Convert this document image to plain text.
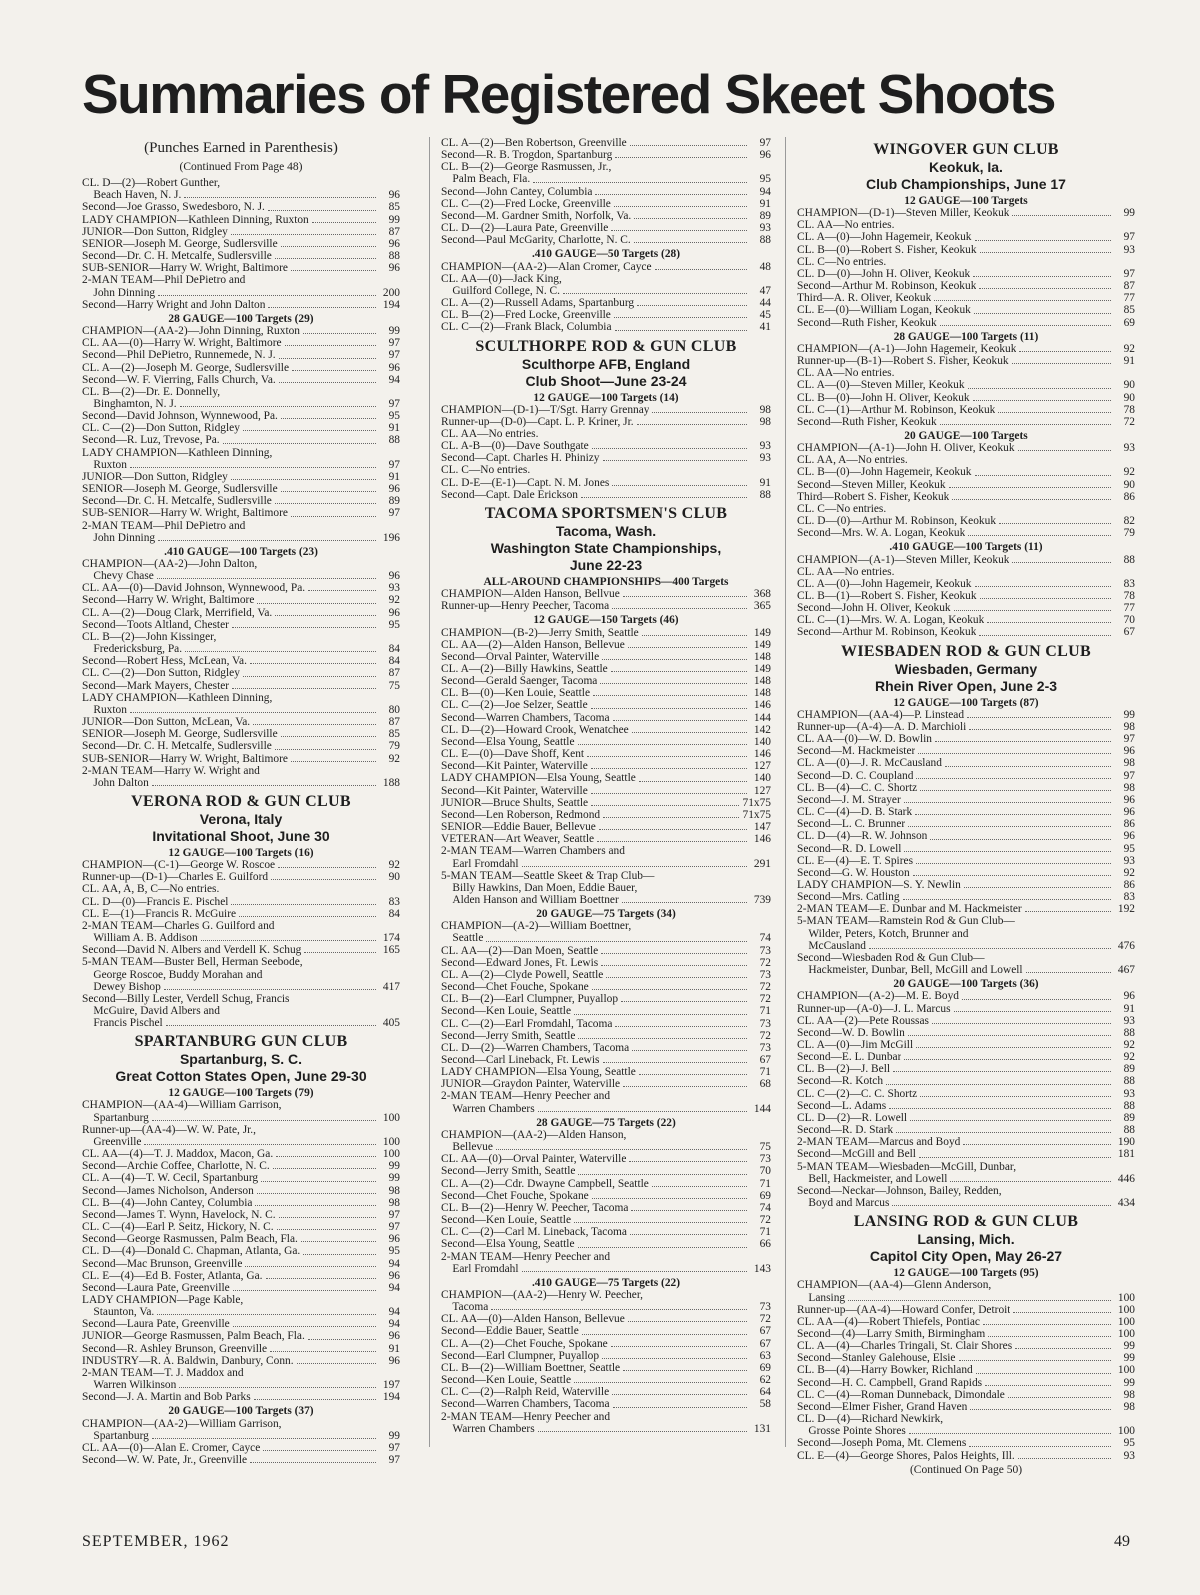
Summaries of Registered Skeet Shoots
(Punches Earned in Parenthesis)
(Continued From Page 48)
CL. D—(2)—Robert Gunther,
Beach Haven, N. J.	96
Second—Joe Grasso, Swedesboro, N. J.	85
LADY CHAMPION—Kathleen Dinning, Ruxton	99
JUNIOR—Don Sutton, Ridgley	87
SENIOR—Joseph M. George, Sudlersville	96
Second—Dr. C. H. Metcalfe, Sudlersville	88
SUB-SENIOR—Harry W. Wright, Baltimore	96
2-MAN TEAM—Phil DePietro and
John Dinning	200
Second—Harry Wright and John Dalton	194
28 GAUGE—100 Targets (29)
CHAMPION—(AA-2)—John Dinning, Ruxton	99
CL. AA—(0)—Harry W. Wright, Baltimore	97
Second—Phil DePietro, Runnemede, N. J.	97
CL. A—(2)—Joseph M. George, Sudlersville	96
Second—W. F. Vierring, Falls Church, Va.	94
CL. B—(2)—Dr. E. Donnelly,
Binghamton, N. J.	97
Second—David Johnson, Wynnewood, Pa.	95
CL. C—(2)—Don Sutton, Ridgley	91
Second—R. Luz, Trevose, Pa.	88
LADY CHAMPION—Kathleen Dinning,
Ruxton	97
JUNIOR—Don Sutton, Ridgley	91
SENIOR—Joseph M. George, Sudlersville	96
Second—Dr. C. H. Metcalfe, Sudlersville	89
SUB-SENIOR—Harry W. Wright, Baltimore	97
2-MAN TEAM—Phil DePietro and
John Dinning	196
.410 GAUGE—100 Targets (23)
CHAMPION—(AA-2)—John Dalton,
Chevy Chase	96
CL. AA—(0)—David Johnson, Wynnewood, Pa.	93
Second—Harry W. Wright, Baltimore	92
CL. A—(2)—Doug Clark, Merrifield, Va.	96
Second—Toots Altland, Chester	95
CL. B—(2)—John Kissinger,
Fredericksburg, Pa.	84
Second—Robert Hess, McLean, Va.	84
CL. C—(2)—Don Sutton, Ridgley	87
Second—Mark Mayers, Chester	75
LADY CHAMPION—Kathleen Dinning,
Ruxton	80
JUNIOR—Don Sutton, McLean, Va.	87
SENIOR—Joseph M. George, Sudlersville	85
Second—Dr. C. H. Metcalfe, Sudlersville	79
SUB-SENIOR—Harry W. Wright, Baltimore	92
2-MAN TEAM—Harry W. Wright and
John Dalton	188
VERONA ROD & GUN CLUB
Verona, Italy
Invitational Shoot, June 30
12 GAUGE—100 Targets (16)
CHAMPION—(C-1)—George W. Roscoe	92
Runner-up—(D-1)—Charles E. Guilford	90
CL. AA, A, B, C—No entries.
CL. D—(0)—Francis E. Pischel	83
CL. E—(1)—Francis R. McGuire	84
2-MAN TEAM—Charles G. Guilford and
William A. B. Addison	174
Second—David N. Albers and Verdell K. Schug	165
5-MAN TEAM—Buster Bell, Herman Seebode,
George Roscoe, Buddy Morahan and
Dewey Bishop	417
Second—Billy Lester, Verdell Schug, Francis
McGuire, David Albers and
Francis Pischel	405
SPARTANBURG GUN CLUB
Spartanburg, S. C.
Great Cotton States Open, June 29-30
12 GAUGE—100 Targets (79)
CHAMPION—(AA-4)—William Garrison,
Spartanburg	100
Runner-up—(AA-4)—W. W. Pate, Jr.,
Greenville	100
CL. AA—(4)—T. J. Maddox, Macon, Ga.	100
Second—Archie Coffee, Charlotte, N. C.	99
CL. A—(4)—T. W. Cecil, Spartanburg	99
Second—James Nicholson, Anderson	98
CL. B—(4)—John Cantey, Columbia	98
Second—James T. Wynn, Havelock, N. C.	97
CL. C—(4)—Earl P. Seitz, Hickory, N. C.	97
Second—George Rasmussen, Palm Beach, Fla.	96
CL. D—(4)—Donald C. Chapman, Atlanta, Ga.	95
Second—Mac Brunson, Greenville	94
CL. E—(4)—Ed B. Foster, Atlanta, Ga.	96
Second—Laura Pate, Greenville	94
LADY CHAMPION—Page Kable,
Staunton, Va.	94
Second—Laura Pate, Greenville	94
JUNIOR—George Rasmussen, Palm Beach, Fla.	96
Second—R. Ashley Brunson, Greenville	91
INDUSTRY—R. A. Baldwin, Danbury, Conn.	96
2-MAN TEAM—T. J. Maddox and
Warren Wilkinson	197
Second—J. A. Martin and Bob Parks	194
20 GAUGE—100 Targets (37)
CHAMPION—(AA-2)—William Garrison,
Spartanburg	99
CL. AA—(0)—Alan E. Cromer, Cayce	97
Second—W. W. Pate, Jr., Greenville	97
CL. A—(2)—Ben Robertson, Greenville	97
Second—R. B. Trogdon, Spartanburg	96
CL. B—(2)—George Rasmussen, Jr.,
Palm Beach, Fla.	95
Second—John Cantey, Columbia	94
CL. C—(2)—Fred Locke, Greenville	91
Second—M. Gardner Smith, Norfolk, Va.	89
CL. D—(2)—Laura Pate, Greenville	93
Second—Paul McGarity, Charlotte, N. C.	88
.410 GAUGE—50 Targets (28)
CHAMPION—(AA-2)—Alan Cromer, Cayce	48
CL. AA—(0)—Jack King,
Guilford College, N. C.	47
CL. A—(2)—Russell Adams, Spartanburg	44
CL. B—(2)—Fred Locke, Greenville	45
CL. C—(2)—Frank Black, Columbia	41
SCULTHORPE ROD & GUN CLUB
Sculthorpe AFB, England
Club Shoot—June 23-24
12 GAUGE—100 Targets (14)
CHAMPION—(D-1)—T/Sgt. Harry Grennay	98
Runner-up—(D-0)—Capt. L. P. Kriner, Jr.	98
CL. AA—No entries.
CL. A-B—(0)—Dave Southgate	93
Second—Capt. Charles H. Phinizy	93
CL. C—No entries.
CL. D-E—(E-1)—Capt. N. M. Jones	91
Second—Capt. Dale Erickson	88
TACOMA SPORTSMEN'S CLUB
Tacoma, Wash.
Washington State Championships,
June 22-23
ALL-AROUND CHAMPIONSHIPS—400 Targets
CHAMPION—Alden Hanson, Bellvue	368
Runner-up—Henry Peecher, Tacoma	365
12 GAUGE—150 Targets (46)
CHAMPION—(B-2)—Jerry Smith, Seattle	149
CL. AA—(2)—Alden Hanson, Bellevue	149
Second—Orval Painter, Waterville	148
CL. A—(2)—Billy Hawkins, Seattle	149
Second—Gerald Saenger, Tacoma	148
CL. B—(0)—Ken Louie, Seattle	148
CL. C—(2)—Joe Selzer, Seattle	146
Second—Warren Chambers, Tacoma	144
CL. D—(2)—Howard Crook, Wenatchee	142
Second—Elsa Young, Seattle	140
CL. E—(0)—Dave Shoff, Kent	146
Second—Kit Painter, Waterville	127
LADY CHAMPION—Elsa Young, Seattle	140
Second—Kit Painter, Waterville	127
JUNIOR—Bruce Shults, Seattle	71x75
Second—Len Roberson, Redmond	71x75
SENIOR—Eddie Bauer, Bellevue	147
VETERAN—Art Weaver, Seattle	146
2-MAN TEAM—Warren Chambers and
Earl Fromdahl	291
5-MAN TEAM—Seattle Skeet & Trap Club—
Billy Hawkins, Dan Moen, Eddie Bauer,
Alden Hanson and William Boettner	739
20 GAUGE—75 Targets (34)
CHAMPION—(A-2)—William Boettner,
Seattle	74
CL. AA—(2)—Dan Moen, Seattle	73
Second—Edward Jones, Ft. Lewis	72
CL. A—(2)—Clyde Powell, Seattle	73
Second—Chet Fouche, Spokane	72
CL. B—(2)—Earl Clumpner, Puyallop	72
Second—Ken Louie, Seattle	71
CL. C—(2)—Earl Fromdahl, Tacoma	73
Second—Jerry Smith, Seattle	72
CL. D—(2)—Warren Chambers, Tacoma	73
Second—Carl Lineback, Ft. Lewis	67
LADY CHAMPION—Elsa Young, Seattle	71
JUNIOR—Graydon Painter, Waterville	68
2-MAN TEAM—Henry Peecher and
Warren Chambers	144
28 GAUGE—75 Targets (22)
CHAMPION—(AA-2)—Alden Hanson,
Bellevue	75
CL. AA—(0)—Orval Painter, Waterville	73
Second—Jerry Smith, Seattle	70
CL. A—(2)—Cdr. Dwayne Campbell, Seattle	71
Second—Chet Fouche, Spokane	69
CL. B—(2)—Henry W. Peecher, Tacoma	74
Second—Ken Louie, Seattle	72
CL. C—(2)—Carl M. Lineback, Tacoma	71
Second—Elsa Young, Seattle	66
2-MAN TEAM—Henry Peecher and
Earl Fromdahl	143
.410 GAUGE—75 Targets (22)
CHAMPION—(AA-2)—Henry W. Peecher,
Tacoma	73
CL. AA—(0)—Alden Hanson, Bellevue	72
Second—Eddie Bauer, Seattle	67
CL. A—(2)—Chet Fouche, Spokane	67
Second—Earl Clumpner, Puyallop	63
CL. B—(2)—William Boettner, Seattle	69
Second—Ken Louie, Seattle	62
CL. C—(2)—Ralph Reid, Waterville	64
Second—Warren Chambers, Tacoma	58
2-MAN TEAM—Henry Peecher and
Warren Chambers	131
WINGOVER GUN CLUB
Keokuk, Ia.
Club Championships, June 17
12 GAUGE—100 Targets
CHAMPION—(D-1)—Steven Miller, Keokuk	99
CL. AA—No entries.
CL. A—(0)—John Hagemeir, Keokuk	97
CL. B—(0)—Robert S. Fisher, Keokuk	93
CL. C—No entries.
CL. D—(0)—John H. Oliver, Keokuk	97
Second—Arthur M. Robinson, Keokuk	87
Third—A. R. Oliver, Keokuk	77
CL. E—(0)—William Logan, Keokuk	85
Second—Ruth Fisher, Keokuk	69
28 GAUGE—100 Targets (11)
CHAMPION—(A-1)—John Hagemeir, Keokuk	92
Runner-up—(B-1)—Robert S. Fisher, Keokuk	91
CL. AA—No entries.
CL. A—(0)—Steven Miller, Keokuk	90
CL. B—(0)—John H. Oliver, Keokuk	90
CL. C—(1)—Arthur M. Robinson, Keokuk	78
Second—Ruth Fisher, Keokuk	72
20 GAUGE—100 Targets
CHAMPION—(A-1)—John H. Oliver, Keokuk	93
CL. AA, A—No entries.
CL. B—(0)—John Hagemeir, Keokuk	92
Second—Steven Miller, Keokuk	90
Third—Robert S. Fisher, Keokuk	86
CL. C—No entries.
CL. D—(0)—Arthur M. Robinson, Keokuk	82
Second—Mrs. W. A. Logan, Keokuk	79
.410 GAUGE—100 Targets (11)
CHAMPION—(A-1)—Steven Miller, Keokuk	88
CL. AA—No entries.
CL. A—(0)—John Hagemeir, Keokuk	83
CL. B—(1)—Robert S. Fisher, Keokuk	78
Second—John H. Oliver, Keokuk	77
CL. C—(1)—Mrs. W. A. Logan, Keokuk	70
Second—Arthur M. Robinson, Keokuk	67
WIESBADEN ROD & GUN CLUB
Wiesbaden, Germany
Rhein River Open, June 2-3
12 GAUGE—100 Targets (87)
CHAMPION—(AA-4)—P. Linstead	99
Runner-up—(A-4)—A. D. Marchioli	98
CL. AA—(0)—W. D. Bowlin	97
Second—M. Hackmeister	96
CL. A—(0)—J. R. McCausland	98
Second—D. C. Coupland	97
CL. B—(4)—C. C. Shortz	98
Second—J. M. Strayer	96
CL. C—(4)—D. B. Stark	96
Second—L. C. Brunner	86
CL. D—(4)—R. W. Johnson	96
Second—R. D. Lowell	95
CL. E—(4)—E. T. Spires	93
Second—G. W. Houston	92
LADY CHAMPION—S. Y. Newlin	86
Second—Mrs. Catling	83
2-MAN TEAM—E. Dunbar and M. Hackmeister	192
5-MAN TEAM—Ramstein Rod & Gun Club—
Wilder, Peters, Kotch, Brunner and
McCausland	476
Second—Wiesbaden Rod & Gun Club—
Hackmeister, Dunbar, Bell, McGill and Lowell	467
20 GAUGE—100 Targets (36)
CHAMPION—(A-2)—M. E. Boyd	96
Runner-up—(A-0)—J. L. Marcus	91
CL. AA—(2)—Pete Roussas	93
Second—W. D. Bowlin	88
CL. A—(0)—Jim McGill	92
Second—E. L. Dunbar	92
CL. B—(2)—J. Bell	89
Second—R. Kotch	88
CL. C—(2)—C. C. Shortz	93
Second—L. Adams	88
CL. D—(2)—R. Lowell	89
Second—R. D. Stark	88
2-MAN TEAM—Marcus and Boyd	190
Second—McGill and Bell	181
5-MAN TEAM—Wiesbaden—McGill, Dunbar,
Bell, Hackmeister, and Lowell	446
Second—Neckar—Johnson, Bailey, Redden,
Boyd and Marcus	434
LANSING ROD & GUN CLUB
Lansing, Mich.
Capitol City Open, May 26-27
12 GAUGE—100 Targets (95)
CHAMPION—(AA-4)—Glenn Anderson,
Lansing	100
Runner-up—(AA-4)—Howard Confer, Detroit	100
CL. AA—(4)—Robert Thiefels, Pontiac	100
Second—(4)—Larry Smith, Birmingham	100
CL. A—(4)—Charles Tringali, St. Clair Shores	99
Second—Stanley Galehouse, Elsie	99
CL. B—(4)—Harry Bowker, Richland	100
Second—H. C. Campbell, Grand Rapids	99
CL. C—(4)—Roman Dunneback, Dimondale	98
Second—Elmer Fisher, Grand Haven	98
CL. D—(4)—Richard Newkirk,
Grosse Pointe Shores	100
Second—Joseph Poma, Mt. Clemens	95
CL. E—(4)—George Shores, Palos Heights, Ill.	93
(Continued On Page 50)
SEPTEMBER, 1962	49
